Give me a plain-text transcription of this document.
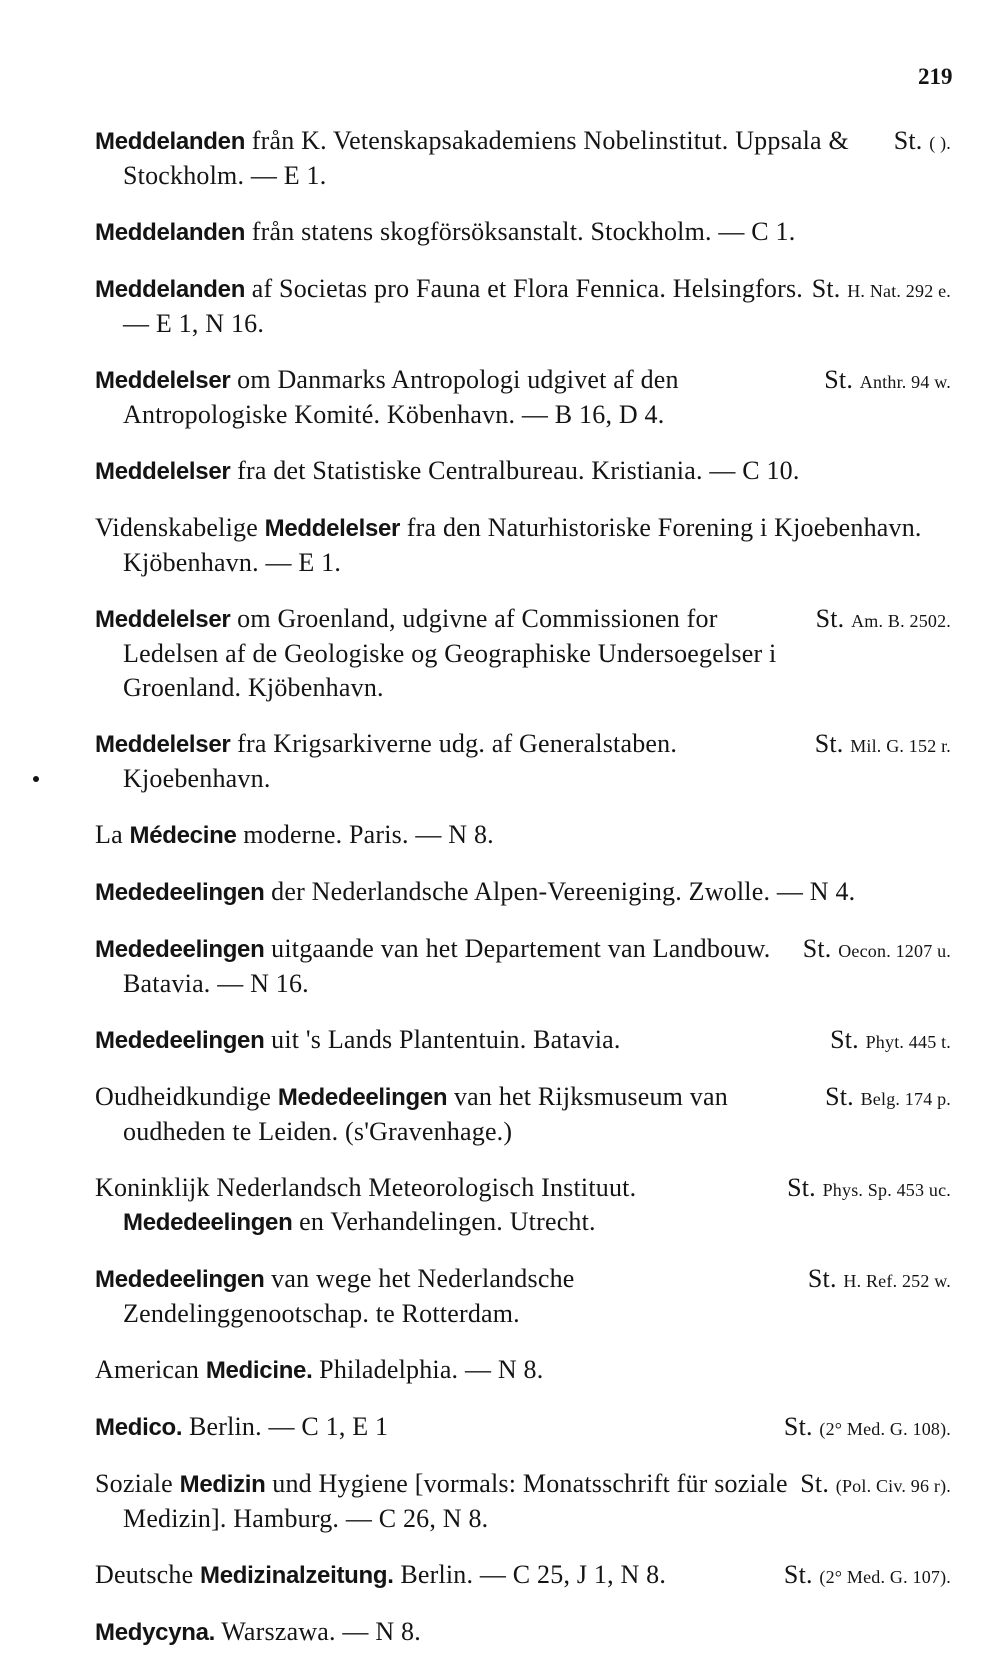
219
St. ( ).
Meddelanden från K. Vetenskapsakademiens Nobelinstitut. Uppsala & Stockholm. — E 1.
Meddelanden från statens skogförsöksanstalt. Stockholm. — C 1.
St. H. Nat. 292 e.
Meddelanden af Societas pro Fauna et Flora Fennica. Helsingfors. — E 1, N 16.
St. Anthr. 94 w.
Meddelelser om Danmarks Antropologi udgivet af den Antropologiske Komité. Köbenhavn. — B 16, D 4.
Meddelelser fra det Statistiske Centralbureau. Kristiania. — C 10.
Videnskabelige Meddelelser fra den Naturhistoriske Forening i Kjoebenhavn. Kjöbenhavn. — E 1.
St. Am. B. 2502.
Meddelelser om Groenland, udgivne af Commissionen for Ledelsen af de Geologiske og Geographiske Undersoegelser i Groenland. Kjöbenhavn.
St. Mil. G. 152 r.
Meddelelser fra Krigsarkiverne udg. af Generalstaben. Kjoebenhavn.
La Médecine moderne. Paris. — N 8.
Mededeelingen der Nederlandsche Alpen-Vereeniging. Zwolle. — N 4.
St. Oecon. 1207 u.
Mededeelingen uitgaande van het Departement van Landbouw. Batavia. — N 16.
St. Phyt. 445 t.
Mededeelingen uit 's Lands Plantentuin. Batavia.
St. Belg. 174 p.
Oudheidkundige Mededeelingen van het Rijksmuseum van oudheden te Leiden. (s'Gravenhage.)
St. Phys. Sp. 453 uc.
Koninklijk Nederlandsch Meteorologisch Instituut. Mededeelingen en Verhandelingen. Utrecht.
St. H. Ref. 252 w.
Mededeelingen van wege het Nederlandsche Zendelinggenootschap. te Rotterdam.
American Medicine. Philadelphia. — N 8.
St. (2° Med. G. 108).
Medico. Berlin. — C 1, E 1
St. (Pol. Civ. 96 r).
Soziale Medizin und Hygiene [vormals: Monatsschrift für soziale Medizin]. Hamburg. — C 26, N 8.
St. (2° Med. G. 107).
Deutsche Medizinalzeitung. Berlin. — C 25, J 1, N 8.
Medycyna. Warszawa. — N 8.
